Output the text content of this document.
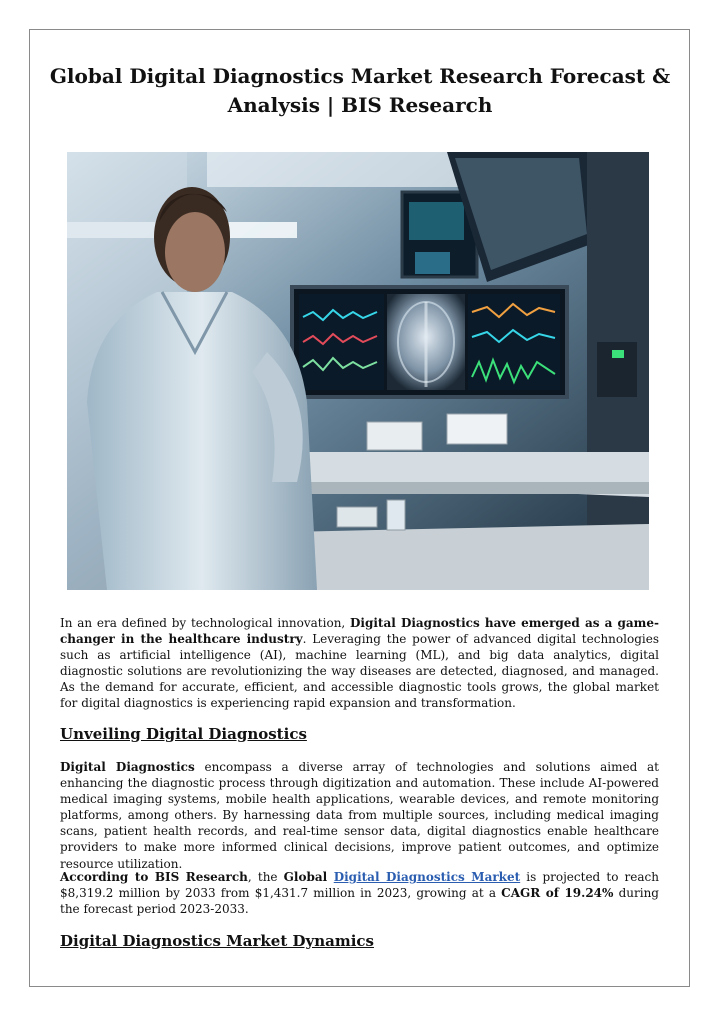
Global Digital Diagnostics Market Research Forecast & Analysis | BIS Research

In an era defined by technological innovation, Digital Diagnostics have emerged as a game-changer in the healthcare industry. Leveraging the power of advanced digital technologies such as artificial intelligence (AI), machine learning (ML), and big data analytics, digital diagnostic solutions are revolutionizing the way diseases are detected, diagnosed, and managed. As the demand for accurate, efficient, and accessible diagnostic tools grows, the global market for digital diagnostics is experiencing rapid expansion and transformation.

Unveiling Digital Diagnostics

Digital Diagnostics encompass a diverse array of technologies and solutions aimed at enhancing the diagnostic process through digitization and automation. These include AI-powered medical imaging systems, mobile health applications, wearable devices, and remote monitoring platforms, among others. By harnessing data from multiple sources, including medical imaging scans, patient health records, and real-time sensor data, digital diagnostics enable healthcare providers to make more informed clinical decisions, improve patient outcomes, and optimize resource utilization.

According to BIS Research, the Global Digital Diagnostics Market is projected to reach $8,319.2 million by 2033 from $1,431.7 million in 2023, growing at a CAGR of 19.24% during the forecast period 2023-2033.

Digital Diagnostics Market Dynamics
